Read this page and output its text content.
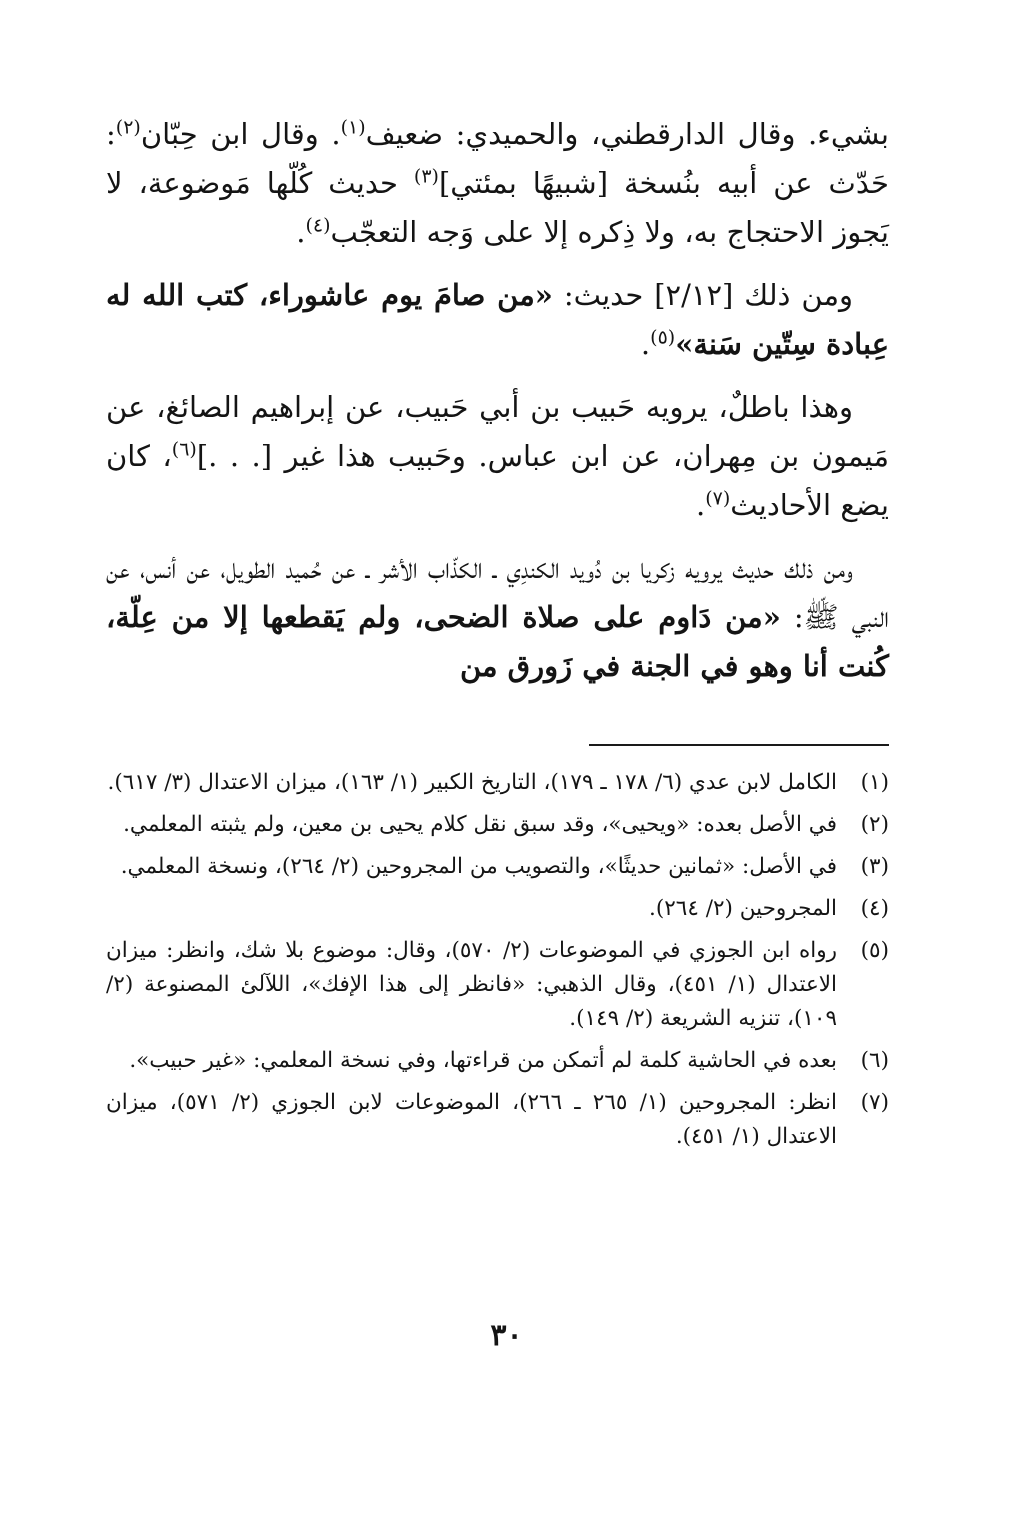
بشيء. وقال الدارقطني، والحميدي: ضعيف$^{(١)}$. وقال ابن حِبّان$^{(٢)}$: حَدّث عن أبيه بنُسخة [شبيهًا بمئتي]$^{(٣)}$ حديث كُلّها مَوضوعة، لا يَجوز الاحتجاج به، ولا ذِكره إلا على وَجه التعجّب$^{(٤)}$.

ومن ذلك [٢/١٢] حديث: «من صامَ يوم عاشوراء، كتب الله له عِبادة سِتّين سَنة»$^{(٥)}$.

وهذا باطلٌ، يرويه حَبيب بن أبي حَبيب، عن إبراهيم الصائغ، عن مَيمون بن مِهران، عن ابن عباس. وحَبيب هذا غير [. . .]$^{(٦)}$، كان يضع الأحاديث$^{(٧)}$.

ومن ذلك حديث يرويه زكريا بن دُويد الكندِي ـ الكذّاب الأشر ـ عن حُميد الطويل، عن أنس، عن النبي ﷺ: «من دَاوم على صلاة الضحى، ولم يَقطعها إلا من عِلّة، كُنت أنا وهو في الجنة في زَورق من

(١)
الكامل لابن عدي (٦/ ١٧٨ ـ ١٧٩)، التاريخ الكبير (١/ ١٦٣)، ميزان الاعتدال (٣/ ٦١٧).
(٢)
في الأصل بعده: «ويحيى»، وقد سبق نقل كلام يحيى بن معين، ولم يثبته المعلمي.
(٣)
في الأصل: «ثمانين حديثًا»، والتصويب من المجروحين (٢/ ٢٦٤)، ونسخة المعلمي.
(٤)
المجروحين (٢/ ٢٦٤).
(٥)
رواه ابن الجوزي في الموضوعات (٢/ ٥٧٠)، وقال: موضوع بلا شك، وانظر: ميزان الاعتدال (١/ ٤٥١)، وقال الذهبي: «فانظر إلى هذا الإفك»، اللآلئ المصنوعة (٢/ ١٠٩)، تنزيه الشريعة (٢/ ١٤٩).
(٦)
بعده في الحاشية كلمة لم أتمكن من قراءتها، وفي نسخة المعلمي: «غير حبيب».
(٧)
انظر: المجروحين (١/ ٢٦٥ ـ ٢٦٦)، الموضوعات لابن الجوزي (٢/ ٥٧١)، ميزان الاعتدال (١/ ٤٥١).
٣٠
